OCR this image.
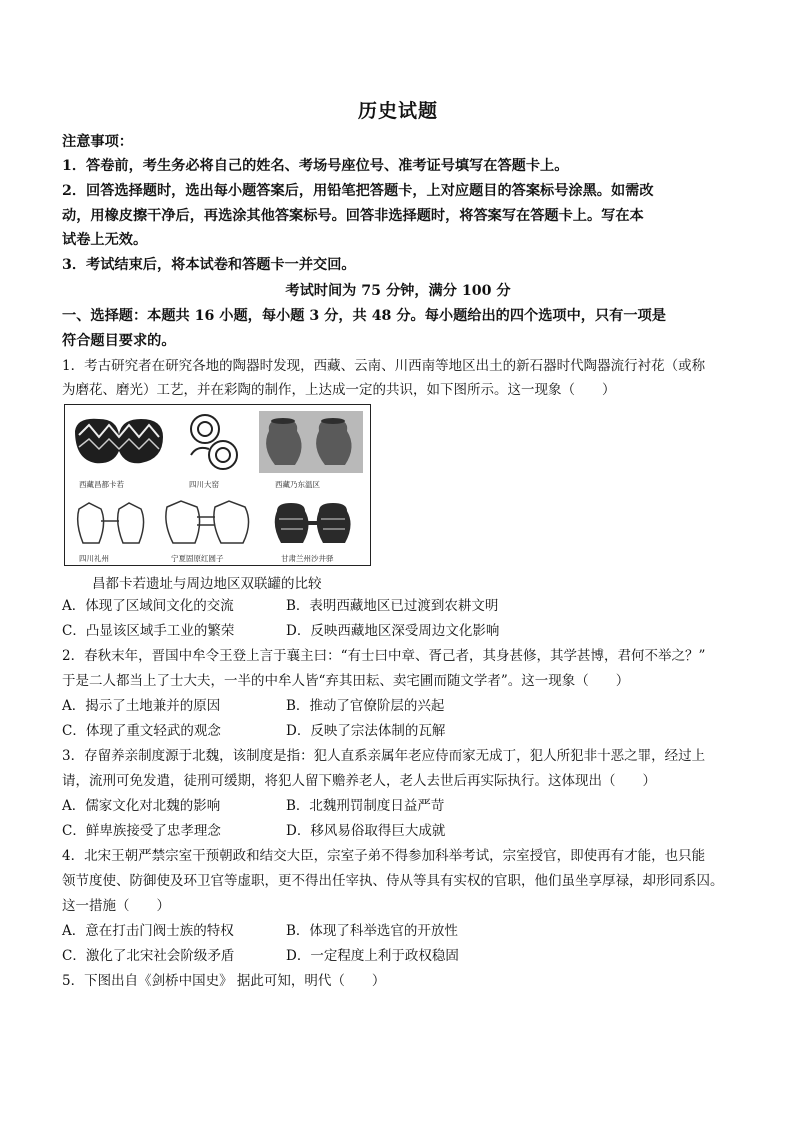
历史试题
注意事项：
1．答卷前，考生务必将自己的姓名、考场号座位号、准考证号填写在答题卡上。
2．回答选择题时，选出每小题答案后，用铅笔把答题卡，上对应题目的答案标号涂黑。如需改
动，用橡皮擦干净后，再选涂其他答案标号。回答非选择题时，将答案写在答题卡上。写在本
试卷上无效。
3．考试结束后，将本试卷和答题卡一并交回。
考试时间为 75 分钟，满分 100 分
一、选择题：本题共 16 小题，每小题 3 分，共 48 分。每小题给出的四个选项中，只有一项是
符合题目要求的。
1．考古研究者在研究各地的陶器时发现，西藏、云南、川西南等地区出土的新石器时代陶器流行衬花（或称
为磨花、磨光）工艺，并在彩陶的制作，上达成一定的共识，如下图所示。这一现象（　　）
西藏昌都卡若	四川大窑	西藏乃东温区
四川礼州	宁夏固原红圆子	甘肃兰州沙井驿
昌都卡若遗址与周边地区双联罐的比较
A．体现了区域间文化的交流	B．表明西藏地区已过渡到农耕文明
C．凸显该区域手工业的繁荣	D．反映西藏地区深受周边文化影响
2．春秋末年，晋国中牟令王登上言于襄主曰：“有士曰中章、胥己者，其身甚修，其学甚博，君何不举之？”
于是二人都当上了士大夫，一半的中牟人皆“弃其田耘、卖宅圃而随文学者”。这一现象（　　）
A．揭示了土地兼并的原因	B．推动了官僚阶层的兴起
C．体现了重文轻武的观念	D．反映了宗法体制的瓦解
3．存留养亲制度源于北魏，该制度是指：犯人直系亲属年老应侍而家无成丁，犯人所犯非十恶之罪，经过上
请，流刑可免发遣，徒刑可缓期，将犯人留下赡养老人，老人去世后再实际执行。这体现出（　　）
A．儒家文化对北魏的影响	B．北魏刑罚制度日益严苛
C．鲜卑族接受了忠孝理念	D．移风易俗取得巨大成就
4．北宋王朝严禁宗室干预朝政和结交大臣，宗室子弟不得参加科举考试，宗室授官，即使再有才能，也只能
领节度使、防御使及环卫官等虚职，更不得出任宰执、侍从等具有实权的官职，他们虽坐享厚禄，却形同系囚。
这一措施（　　）
A．意在打击门阀士族的特权	B．体现了科举选官的开放性
C．激化了北宋社会阶级矛盾	D．一定程度上利于政权稳固
5．下图出自《剑桥中国史》 据此可知，明代（　　）
